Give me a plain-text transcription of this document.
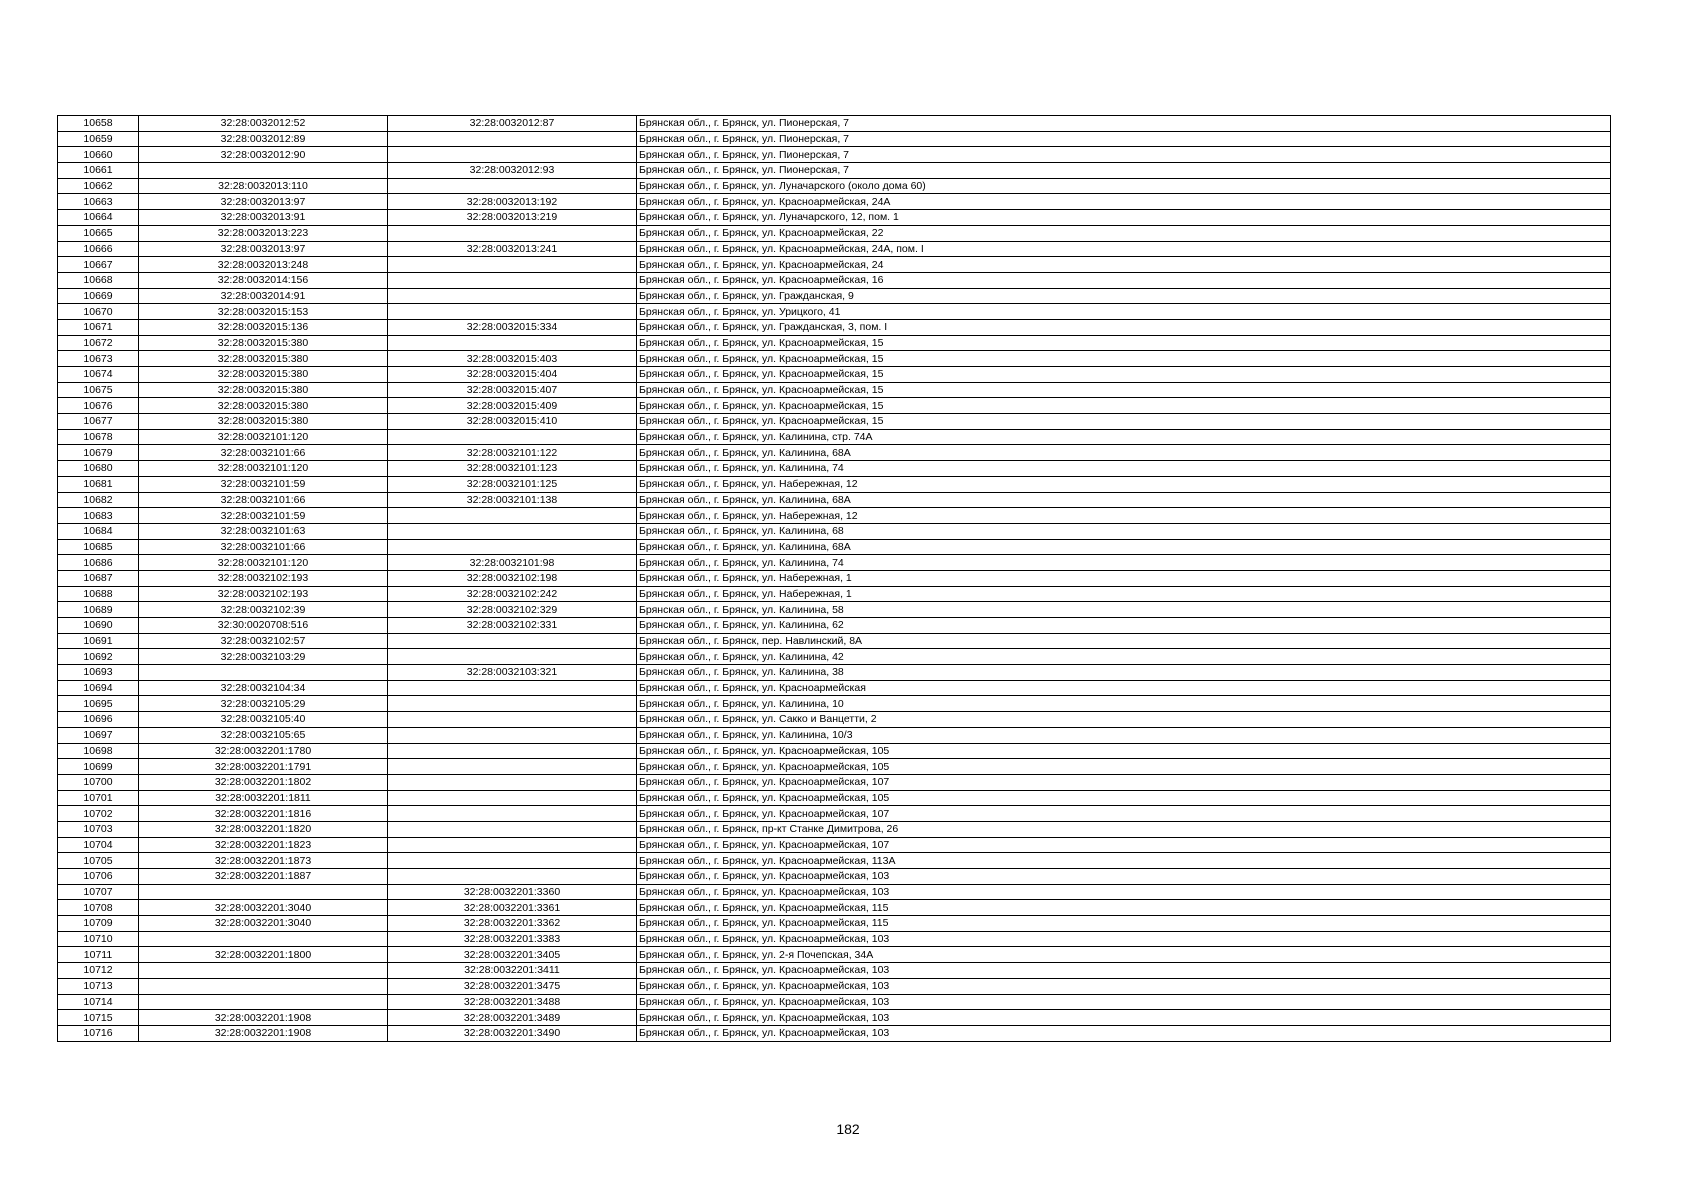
10658	32:28:0032012:52	32:28:0032012:87	Брянская обл., г. Брянск, ул. Пионерская, 7
10659	32:28:0032012:89		Брянская обл., г. Брянск, ул. Пионерская, 7
10660	32:28:0032012:90		Брянская обл., г. Брянск, ул. Пионерская, 7
10661		32:28:0032012:93	Брянская обл., г. Брянск, ул. Пионерская, 7
10662	32:28:0032013:110		Брянская обл., г. Брянск, ул. Луначарского (около дома 60)
10663	32:28:0032013:97	32:28:0032013:192	Брянская обл., г. Брянск, ул. Красноармейская, 24А
10664	32:28:0032013:91	32:28:0032013:219	Брянская обл., г. Брянск, ул. Луначарского, 12, пом. 1
10665	32:28:0032013:223		Брянская обл., г. Брянск, ул. Красноармейская, 22
10666	32:28:0032013:97	32:28:0032013:241	Брянская обл., г. Брянск, ул. Красноармейская, 24А, пом. I
10667	32:28:0032013:248		Брянская обл., г. Брянск, ул. Красноармейская, 24
10668	32:28:0032014:156		Брянская обл., г. Брянск, ул. Красноармейская, 16
10669	32:28:0032014:91		Брянская обл., г. Брянск, ул. Гражданская, 9
10670	32:28:0032015:153		Брянская обл., г. Брянск, ул. Урицкого, 41
10671	32:28:0032015:136	32:28:0032015:334	Брянская обл., г. Брянск, ул. Гражданская, 3, пом. I
10672	32:28:0032015:380		Брянская обл., г. Брянск, ул. Красноармейская, 15
10673	32:28:0032015:380	32:28:0032015:403	Брянская обл., г. Брянск, ул. Красноармейская, 15
10674	32:28:0032015:380	32:28:0032015:404	Брянская обл., г. Брянск, ул. Красноармейская, 15
10675	32:28:0032015:380	32:28:0032015:407	Брянская обл., г. Брянск, ул. Красноармейская, 15
10676	32:28:0032015:380	32:28:0032015:409	Брянская обл., г. Брянск, ул. Красноармейская, 15
10677	32:28:0032015:380	32:28:0032015:410	Брянская обл., г. Брянск, ул. Красноармейская, 15
10678	32:28:0032101:120		Брянская обл., г. Брянск, ул. Калинина, стр. 74А
10679	32:28:0032101:66	32:28:0032101:122	Брянская обл., г. Брянск, ул. Калинина, 68А
10680	32:28:0032101:120	32:28:0032101:123	Брянская обл., г. Брянск, ул. Калинина, 74
10681	32:28:0032101:59	32:28:0032101:125	Брянская обл., г. Брянск, ул. Набережная, 12
10682	32:28:0032101:66	32:28:0032101:138	Брянская обл., г. Брянск, ул. Калинина, 68А
10683	32:28:0032101:59		Брянская обл., г. Брянск, ул. Набережная, 12
10684	32:28:0032101:63		Брянская обл., г. Брянск, ул. Калинина, 68
10685	32:28:0032101:66		Брянская обл., г. Брянск, ул. Калинина, 68А
10686	32:28:0032101:120	32:28:0032101:98	Брянская обл., г. Брянск, ул. Калинина, 74
10687	32:28:0032102:193	32:28:0032102:198	Брянская обл., г. Брянск, ул. Набережная, 1
10688	32:28:0032102:193	32:28:0032102:242	Брянская обл., г. Брянск, ул. Набережная, 1
10689	32:28:0032102:39	32:28:0032102:329	Брянская обл., г. Брянск, ул. Калинина, 58
10690	32:30:0020708:516	32:28:0032102:331	Брянская обл., г. Брянск, ул. Калинина, 62
10691	32:28:0032102:57		Брянская обл., г. Брянск, пер. Навлинский, 8А
10692	32:28:0032103:29		Брянская обл., г. Брянск, ул. Калинина, 42
10693		32:28:0032103:321	Брянская обл., г. Брянск, ул. Калинина, 38
10694	32:28:0032104:34		Брянская обл., г. Брянск, ул. Красноармейская
10695	32:28:0032105:29		Брянская обл., г. Брянск, ул. Калинина, 10
10696	32:28:0032105:40		Брянская обл., г. Брянск, ул. Сакко и Ванцетти, 2
10697	32:28:0032105:65		Брянская обл., г. Брянск, ул. Калинина, 10/3
10698	32:28:0032201:1780		Брянская обл., г. Брянск, ул. Красноармейская, 105
10699	32:28:0032201:1791		Брянская обл., г. Брянск, ул. Красноармейская, 105
10700	32:28:0032201:1802		Брянская обл., г. Брянск, ул. Красноармейская, 107
10701	32:28:0032201:1811		Брянская обл., г. Брянск, ул. Красноармейская, 105
10702	32:28:0032201:1816		Брянская обл., г. Брянск, ул. Красноармейская, 107
10703	32:28:0032201:1820		Брянская обл., г. Брянск, пр-кт Станке Димитрова, 26
10704	32:28:0032201:1823		Брянская обл., г. Брянск, ул. Красноармейская, 107
10705	32:28:0032201:1873		Брянская обл., г. Брянск, ул. Красноармейская, 113А
10706	32:28:0032201:1887		Брянская обл., г. Брянск, ул. Красноармейская, 103
10707		32:28:0032201:3360	Брянская обл., г. Брянск, ул. Красноармейская, 103
10708	32:28:0032201:3040	32:28:0032201:3361	Брянская обл., г. Брянск, ул. Красноармейская, 115
10709	32:28:0032201:3040	32:28:0032201:3362	Брянская обл., г. Брянск, ул. Красноармейская, 115
10710		32:28:0032201:3383	Брянская обл., г. Брянск, ул. Красноармейская, 103
10711	32:28:0032201:1800	32:28:0032201:3405	Брянская обл., г. Брянск, ул. 2-я Почепская, 34А
10712		32:28:0032201:3411	Брянская обл., г. Брянск, ул. Красноармейская, 103
10713		32:28:0032201:3475	Брянская обл., г. Брянск, ул. Красноармейская, 103
10714		32:28:0032201:3488	Брянская обл., г. Брянск, ул. Красноармейская, 103
10715	32:28:0032201:1908	32:28:0032201:3489	Брянская обл., г. Брянск, ул. Красноармейская, 103
10716	32:28:0032201:1908	32:28:0032201:3490	Брянская обл., г. Брянск, ул. Красноармейская, 103
182
